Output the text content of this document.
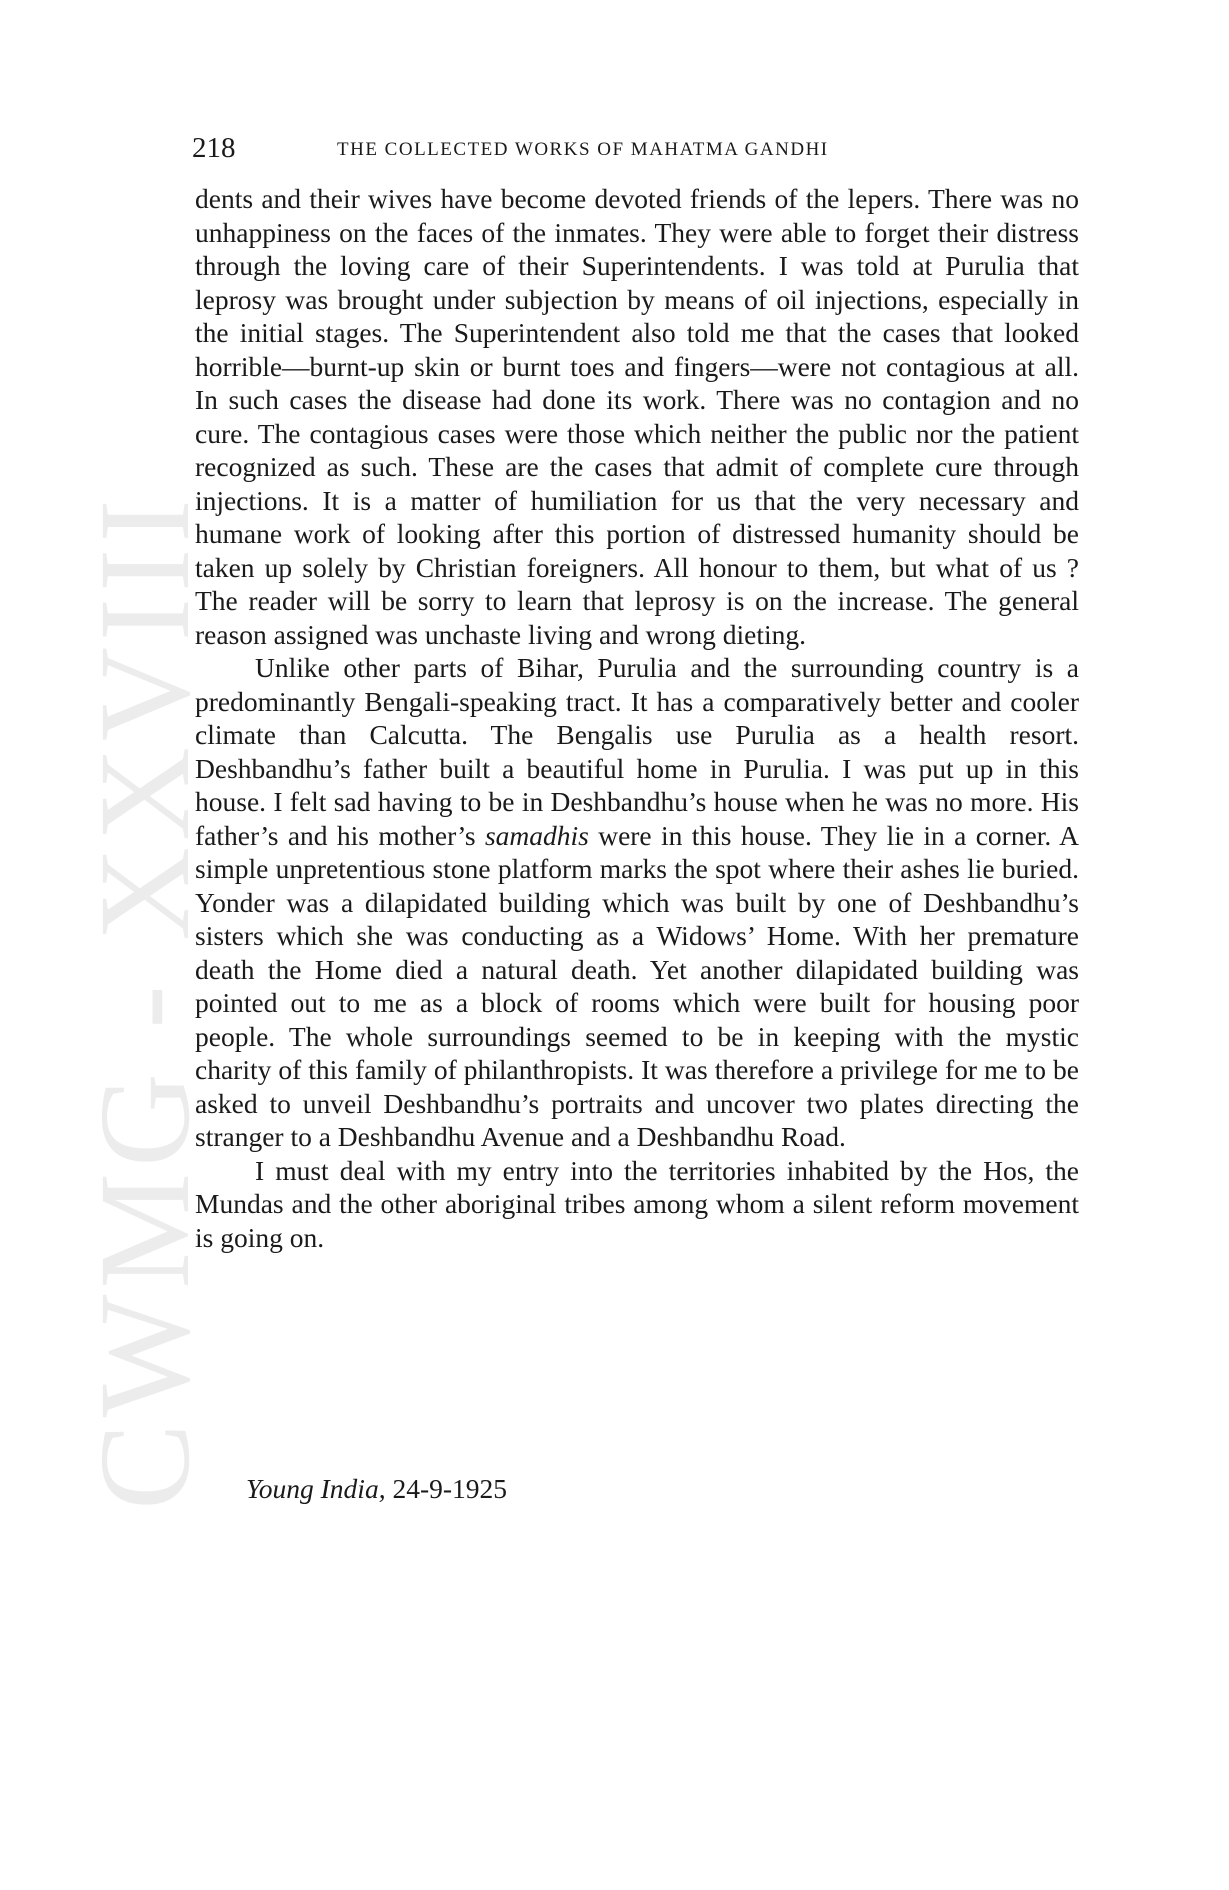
CWMG - XXVIII
218	THE COLLECTED WORKS OF MAHATMA GANDHI

dents and their wives have become devoted friends of the lepers. There was no unhappiness on the faces of the inmates. They were able to forget their distress through the loving care of their Superintendents. I was told at Purulia that leprosy was brought under subjection by means of oil injections, especially in the initial stages. The Superintendent also told me that the cases that looked horrible—burnt-up skin or burnt toes and fingers—were not contagious at all. In such cases the disease had done its work. There was no contagion and no cure. The contagious cases were those which neither the public nor the patient recognized as such. These are the cases that admit of complete cure through injections. It is a matter of humiliation for us that the very necessary and humane work of looking after this portion of distressed humanity should be taken up solely by Christian foreigners. All honour to them, but what of us ? The reader will be sorry to learn that leprosy is on the increase. The general reason assigned was unchaste living and wrong dieting.

Unlike other parts of Bihar, Purulia and the surrounding country is a predominantly Bengali-speaking tract. It has a comparatively better and cooler climate than Calcutta. The Bengalis use Purulia as a health resort. Deshbandhu’s father built a beautiful home in Purulia. I was put up in this house. I felt sad having to be in Deshbandhu’s house when he was no more. His father’s and his mother’s samadhis were in this house. They lie in a corner. A simple unpretentious stone platform marks the spot where their ashes lie buried. Yonder was a dilapidated building which was built by one of Deshbandhu’s sisters which she was conducting as a Widows’ Home. With her premature death the Home died a natural death. Yet another dilapidated building was pointed out to me as a block of rooms which were built for housing poor people. The whole surroundings seemed to be in keeping with the mystic charity of this family of philanthropists. It was therefore a privilege for me to be asked to unveil Deshbandhu’s portraits and uncover two plates directing the stranger to a Deshbandhu Avenue and a Deshbandhu Road.

I must deal with my entry into the territories inhabited by the Hos, the Mundas and the other aboriginal tribes among whom a silent reform movement is going on.

Young India, 24-9-1925
